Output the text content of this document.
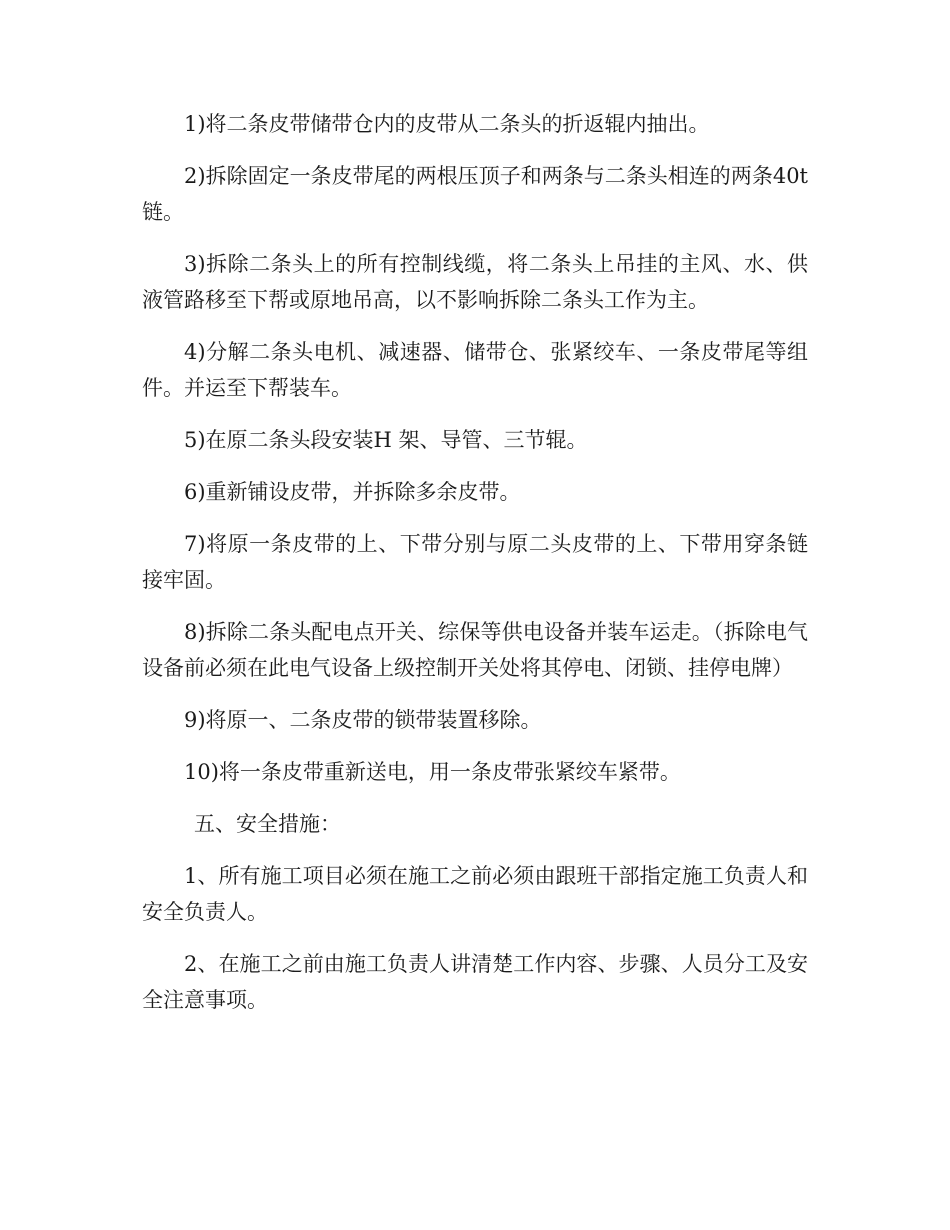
1)将二条皮带储带仓内的皮带从二条头的折返辊内抽出。

2)拆除固定一条皮带尾的两根压顶子和两条与二条头相连的两条40t 链。

3)拆除二条头上的所有控制线缆，将二条头上吊挂的主风、水、供液管路移至下帮或原地吊高，以不影响拆除二条头工作为主。

4)分解二条头电机、减速器、储带仓、张紧绞车、一条皮带尾等组件。并运至下帮装车。

5)在原二条头段安装H 架、导管、三节辊。

6)重新铺设皮带，并拆除多余皮带。

7)将原一条皮带的上、下带分别与原二头皮带的上、下带用穿条链接牢固。

8)拆除二条头配电点开关、综保等供电设备并装车运走。（拆除电气设备前必须在此电气设备上级控制开关处将其停电、闭锁、挂停电牌）

9)将原一、二条皮带的锁带装置移除。

10)将一条皮带重新送电，用一条皮带张紧绞车紧带。

五、安全措施：

1、所有施工项目必须在施工之前必须由跟班干部指定施工负责人和安全负责人。

2、在施工之前由施工负责人讲清楚工作内容、步骤、人员分工及安全注意事项。
